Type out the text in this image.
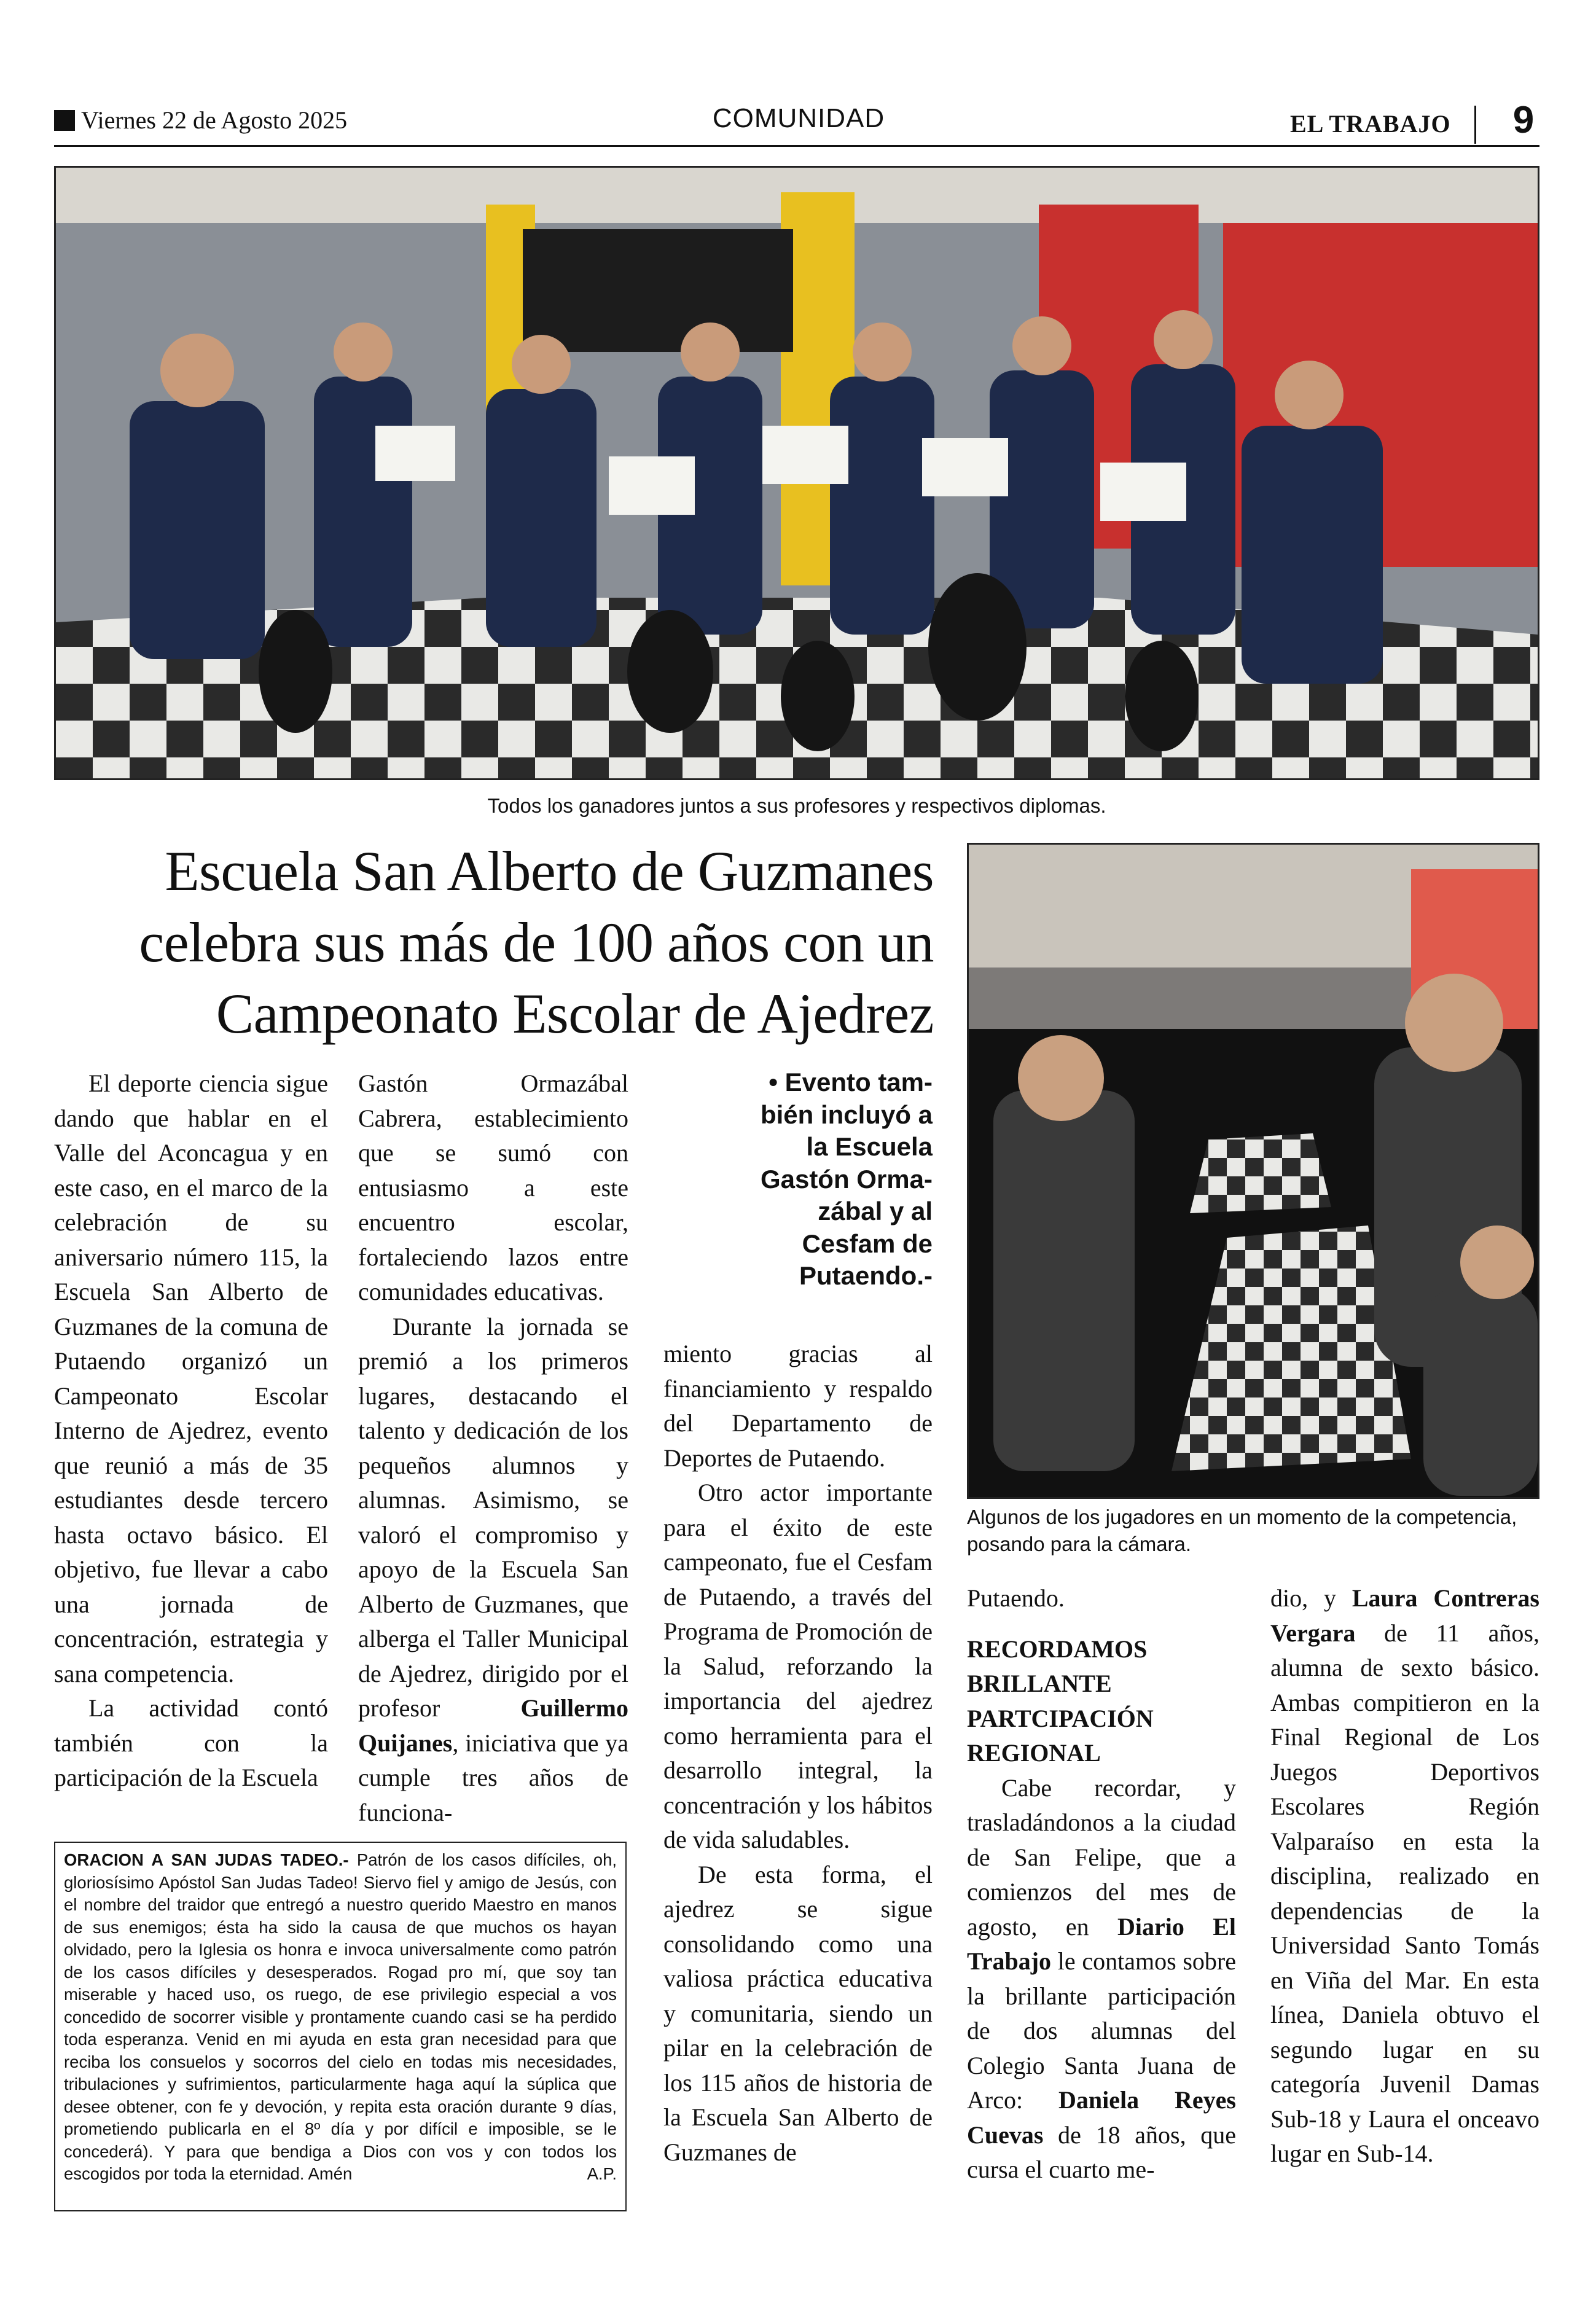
Viernes 22 de Agosto 2025	COMUNIDAD	EL TRABAJO	9
Todos los ganadores juntos a sus profesores y respectivos diplomas.
Escuela San Alberto de Guzmanes
celebra sus más de 100 años con un
Campeonato Escolar de Ajedrez
Algunos de los jugadores en un momento de la competencia, posando para la cámara.

El deporte ciencia sigue dando que hablar en el Valle del Aconcagua y en este caso, en el marco de la celebración de su aniversario número 115, la Escuela San Alberto de Guzmanes de la comuna de Putaendo organizó un Campeonato Escolar Interno de Ajedrez, evento que reunió a más de 35 estudiantes desde tercero hasta octavo básico. El objetivo, fue llevar a cabo una jornada de concentración, estrategia y sana competencia.

La actividad contó también con la participación de la Escuela

Gastón Ormazábal Cabrera, establecimiento que se sumó con entusiasmo a este encuentro escolar, fortaleciendo lazos entre comunidades educativas.

Durante la jornada se premió a los primeros lugares, destacando el talento y dedicación de los pequeños alumnos y alumnas. Asimismo, se valoró el compromiso y apoyo de la Escuela San Alberto de Guzmanes, que alberga el Taller Municipal de Ajedrez, dirigido por el profesor Guillermo Quijanes, iniciativa que ya cumple tres años de funciona-

• Evento tam-
bién incluyó a
la Escuela
Gastón Orma-
zábal y al
Cesfam de
Putaendo.-

miento gracias al financiamiento y respaldo del Departamento de Deportes de Putaendo.

Otro actor importante para el éxito de este campeonato, fue el Cesfam de Putaendo, a través del Programa de Promoción de la Salud, reforzando la importancia del ajedrez como herramienta para el desarrollo integral, la concentración y los hábitos de vida saludables.

De esta forma, el ajedrez se sigue consolidando como una valiosa práctica educativa y comunitaria, siendo un pilar en la celebración de los 115 años de historia de la Escuela San Alberto de Guzmanes de

Putaendo.

RECORDAMOS BRILLANTE PARTCIPACIÓN REGIONAL

Cabe recordar, y trasladándonos a la ciudad de San Felipe, que a comienzos del mes de agosto, en Diario El Trabajo le contamos sobre la brillante participación de dos alumnas del Colegio Santa Juana de Arco: Daniela Reyes Cuevas de 18 años, que cursa el cuarto me-

dio, y Laura Contreras Vergara de 11 años, alumna de sexto básico. Ambas compitieron en la Final Regional de Los Juegos Deportivos Escolares Región Valparaíso en esta la disciplina, realizado en dependencias de la Universidad Santo Tomás en Viña del Mar. En esta línea, Daniela obtuvo el segundo lugar en su categoría Juvenil Damas Sub-18 y Laura el onceavo lugar en Sub-14.

ORACION A SAN JUDAS TADEO.- Patrón de los casos difíciles, oh, gloriosísimo Apóstol San Judas Tadeo! Siervo fiel y amigo de Jesús, con el nombre del traidor que entregó a nuestro querido Maestro en manos de sus enemigos; ésta ha sido la causa de que muchos os hayan olvidado, pero la Iglesia os honra e invoca universalmente como patrón de los casos difíciles y desesperados. Rogad pro mí, que soy tan miserable y haced uso, os ruego, de ese privilegio especial a vos concedido de socorrer visible y prontamente cuando casi se ha perdido toda esperanza. Venid en mi ayuda en esta gran necesidad para que reciba los consuelos y socorros del cielo en todas mis necesidades, tribulaciones y sufrimientos, particularmente haga aquí la súplica que desee obtener, con fe y devoción, y repita esta oración durante 9 días, prometiendo publicarla en el 8º día y por difícil e imposible, se le concederá). Y para que bendiga a Dios con vos y con todos los escogidos por toda la eternidad. Amén	A.P.
